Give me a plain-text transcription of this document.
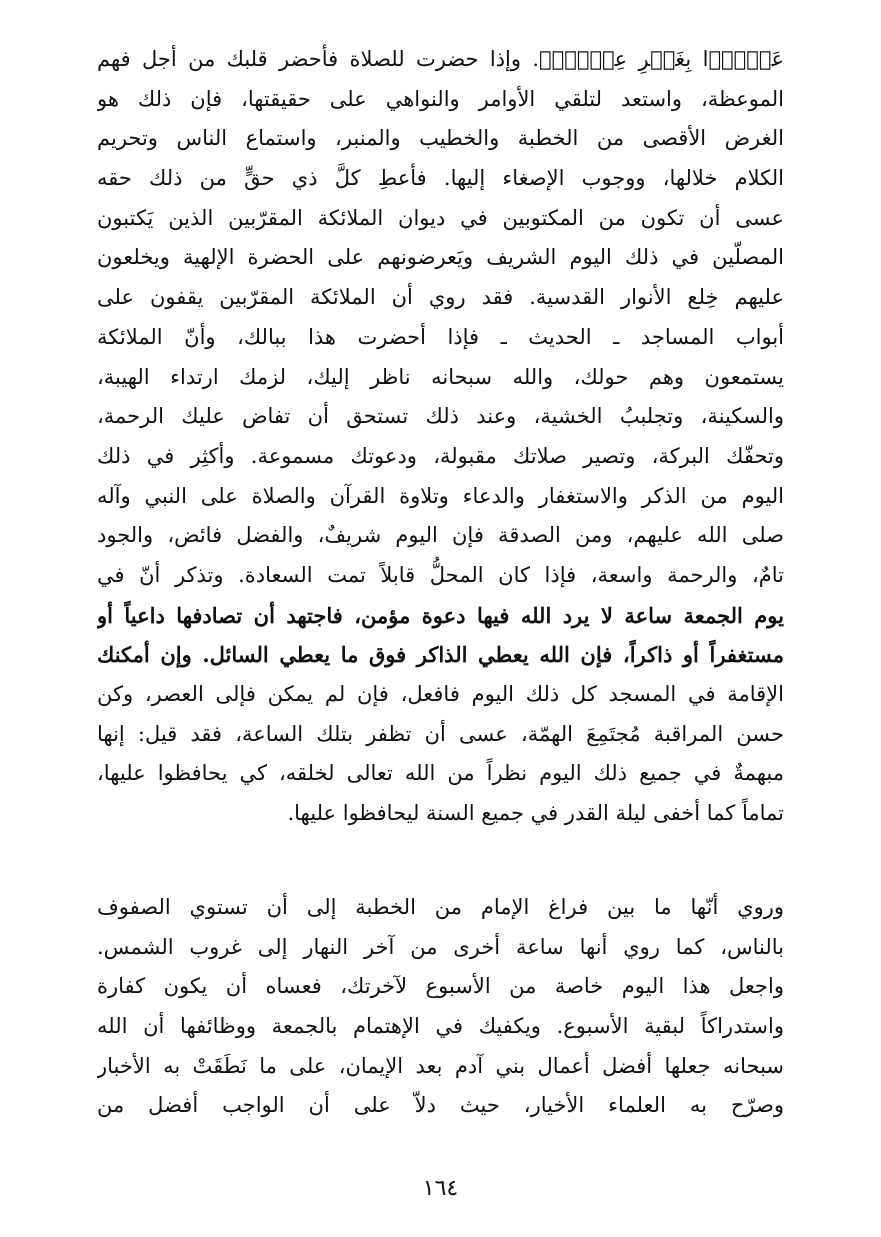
عَدۡوَۢا بِغَيۡرِ عِلۡمٍۗ﴾. وإذا حضرت للصلاة فأحضر قلبك من أجل فهم
الموعظة، واستعد لتلقي الأوامر والنواهي على حقيقتها، فإن ذلك هو
الغرض الأقصى من الخطبة والخطيب والمنبر، واستماع الناس وتحريم
الكلام خلالها، ووجوب الإصغاء إليها. فأعطِ كلَّ ذي حقٍّ من ذلك حقه
عسى أن تكون من المكتوبين في ديوان الملائكة المقرّبين الذين يَكتبون
المصلّين في ذلك اليوم الشريف ويَعرضونهم على الحضرة الإلهية ويخلعون
عليهم خِلع الأنوار القدسية. فقد روي أن الملائكة المقرّبين يقفون على
أبواب المساجد ـ الحديث ـ فإذا أحضرت هذا ببالك، وأنّ الملائكة
يستمعون وهم حولك، والله سبحانه ناظر إليك، لزمك ارتداء الهيبة،
والسكينة، وتجلببُ الخشية، وعند ذلك تستحق أن تفاض عليك الرحمة،
وتحفّك البركة، وتصير صلاتك مقبولة، ودعوتك مسموعة. وأكثِر في ذلك
اليوم من الذكر والاستغفار والدعاء وتلاوة القرآن والصلاة على النبي وآله
صلى الله عليهم، ومن الصدقة فإن اليوم شريفٌ، والفضل فائض، والجود
تامٌ، والرحمة واسعة، فإذا كان المحلُّ قابلاً تمت السعادة. وتذكر أنّ في
يوم الجمعة ساعة لا يرد الله فيها دعوة مؤمن، فاجتهد أن تصادفها داعياً أو
مستغفراً أو ذاكراً، فإن الله يعطي الذاكر فوق ما يعطي السائل. وإن أمكنك
الإقامة في المسجد كل ذلك اليوم فافعل، فإن لم يمكن فإلى العصر، وكن
حسن المراقبة مُجتَمِعَ الهمّة، عسى أن تظفر بتلك الساعة، فقد قيل: إنها
مبهمةٌ في جميع ذلك اليوم نظراً من الله تعالى لخلقه، كي يحافظوا عليها،
تماماً كما أخفى ليلة القدر في جميع السنة ليحافظوا عليها.
وروي أنّها ما بين فراغ الإمام من الخطبة إلى أن تستوي الصفوف
بالناس، كما روي أنها ساعة أخرى من آخر النهار إلى غروب الشمس.
واجعل هذا اليوم خاصة من الأسبوع لآخرتك، فعساه أن يكون كفارة
واستدراكاً لبقية الأسبوع. ويكفيك في الإهتمام بالجمعة ووظائفها أن الله
سبحانه جعلها أفضل أعمال بني آدم بعد الإيمان، على ما نَطَقَتْ به الأخبار
وصرّح به العلماء الأخيار، حيث دلاّ على أن الواجب أفضل من
١٦٤
